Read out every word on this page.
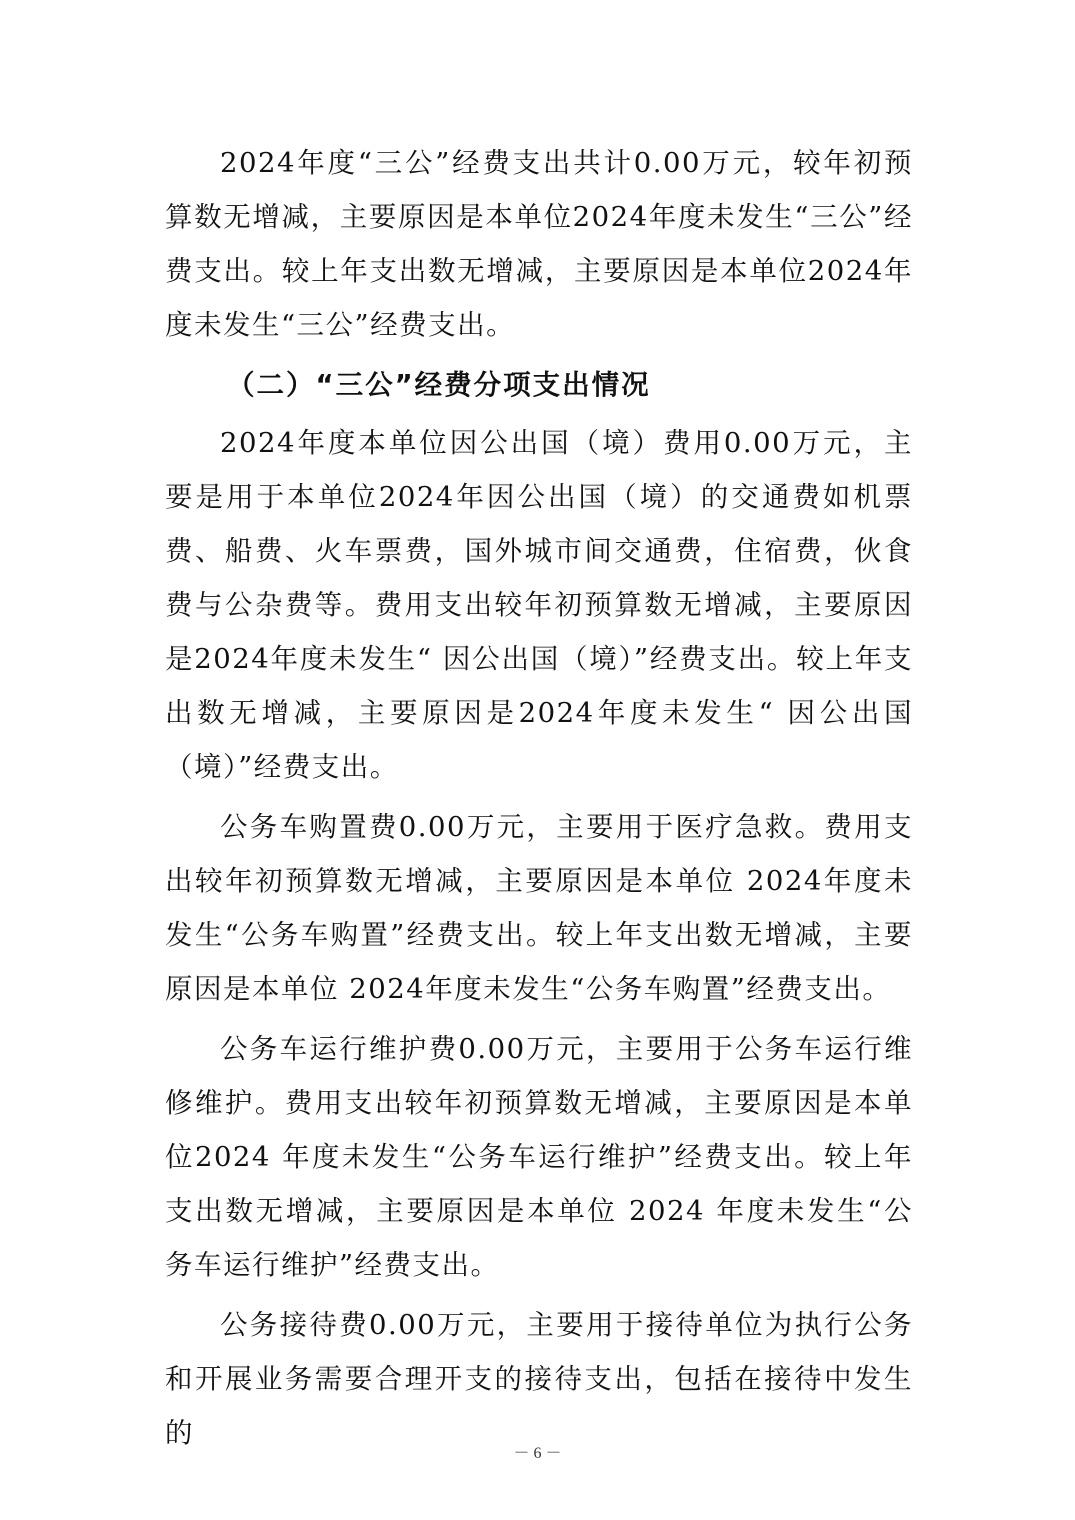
2024年度“三公”经费支出共计0.00万元，较年初预算数无增减，主要原因是本单位2024年度未发生“三公”经费支出。较上年支出数无增减，主要原因是本单位2024年度未发生“三公”经费支出。

（二）“三公”经费分项支出情况

2024年度本单位因公出国（境）费用0.00万元，主要是用于本单位2024年因公出国（境）的交通费如机票费、船费、火车票费，国外城市间交通费，住宿费，伙食费与公杂费等。费用支出较年初预算数无增减，主要原因是2024年度未发生“ 因公出国（境）”经费支出。较上年支出数无增减，主要原因是2024年度未发生“ 因公出国（境）”经费支出。

公务车购置费0.00万元，主要用于医疗急救。费用支出较年初预算数无增减，主要原因是本单位 2024年度未发生“公务车购置”经费支出。较上年支出数无增减，主要原因是本单位 2024年度未发生“公务车购置”经费支出。

公务车运行维护费0.00万元，主要用于公务车运行维修维护。费用支出较年初预算数无增减，主要原因是本单位2024 年度未发生“公务车运行维护”经费支出。较上年支出数无增减，主要原因是本单位 2024 年度未发生“公务车运行维护”经费支出。

公务接待费0.00万元，主要用于接待单位为执行公务和开展业务需要合理开支的接待支出，包括在接待中发生的

－ 6 －
